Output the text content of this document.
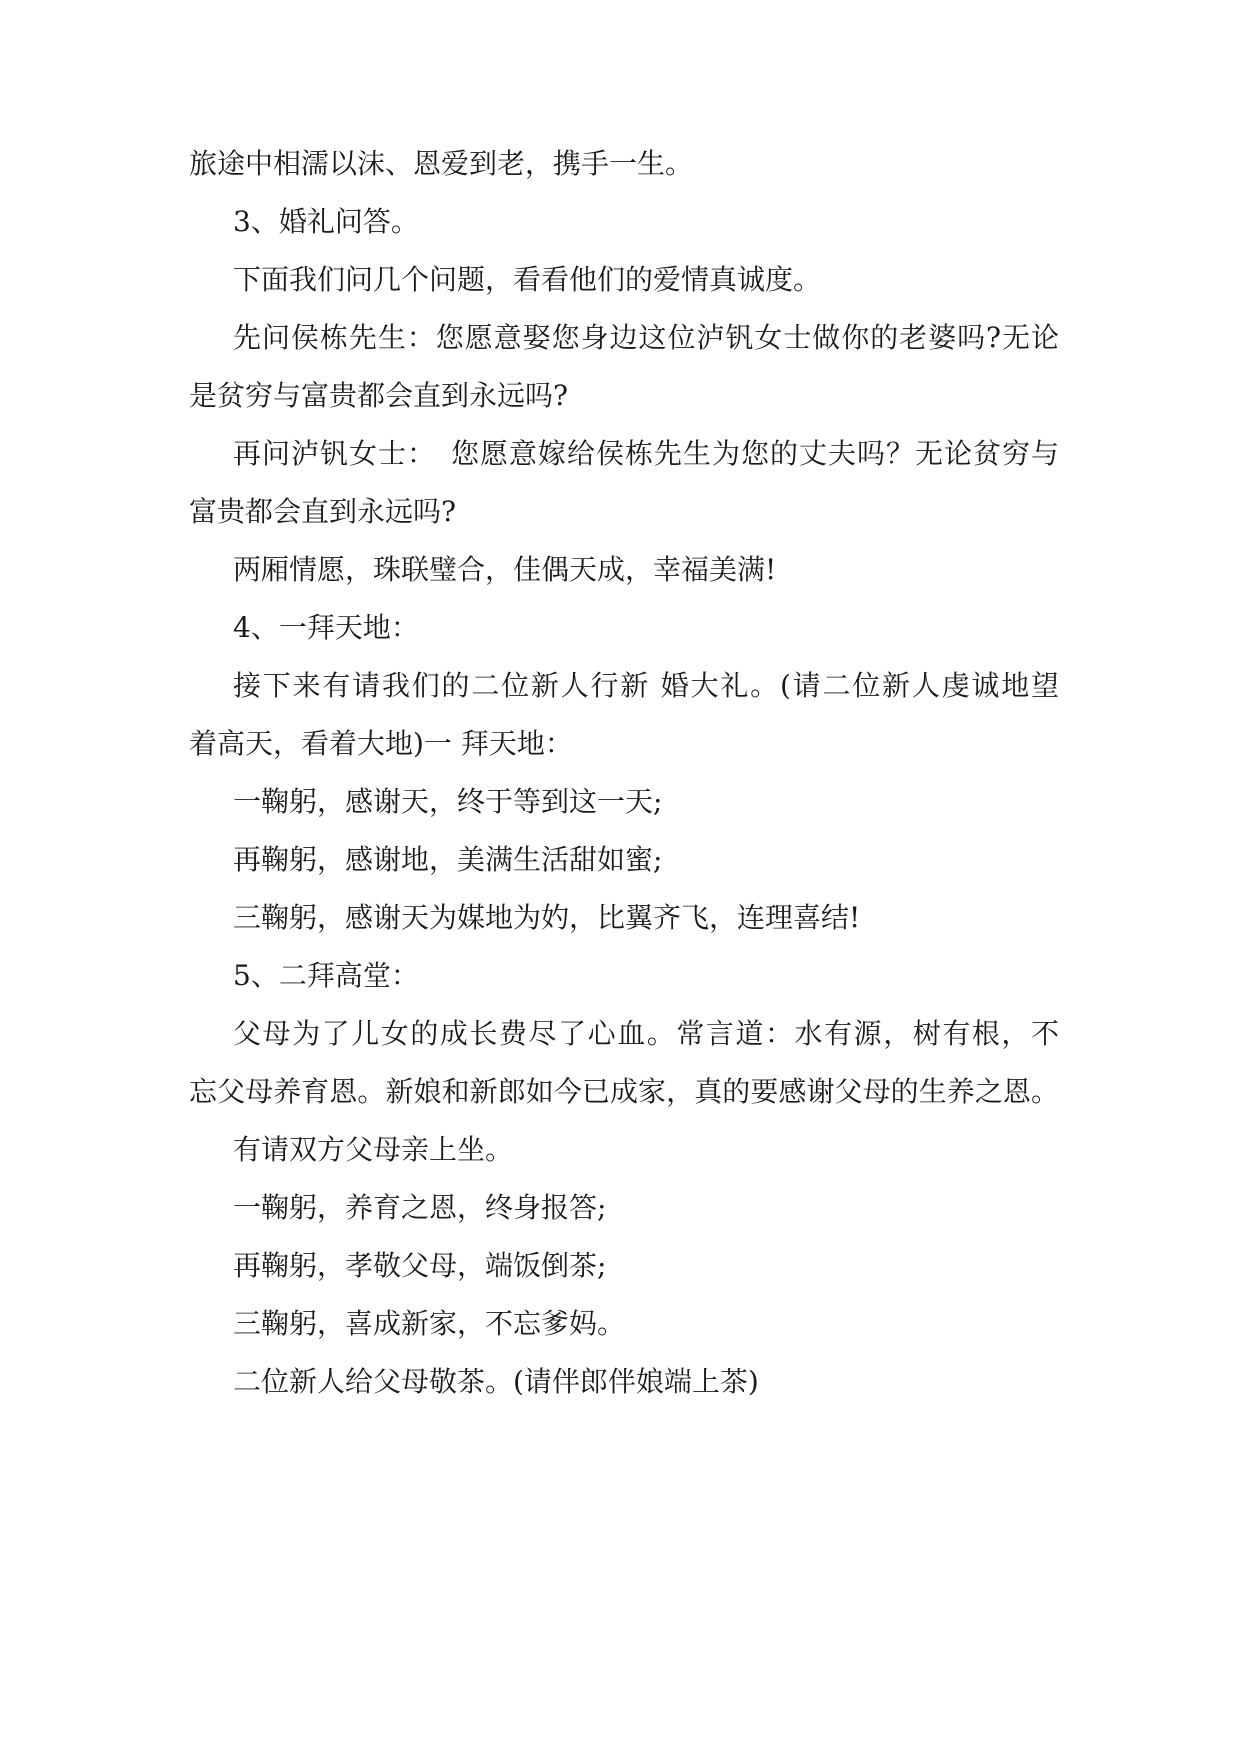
旅途中相濡以沫、恩爱到老，携手一生。

3、婚礼问答。

下面我们问几个问题，看看他们的爱情真诚度。

先问侯栋先生：您愿意娶您身边这位泸钒女士做你的老婆吗?无论

是贫穷与富贵都会直到永远吗?

再问泸钒女士：　您愿意嫁给侯栋先生为您的丈夫吗？无论贫穷与

富贵都会直到永远吗?

两厢情愿，珠联璧合，佳偶天成，幸福美满!

4、一拜天地：

接下来有请我们的二位新人行新 婚大礼。(请二位新人虔诚地望

着高天，看着大地)一 拜天地：

一鞠躬，感谢天，终于等到这一天;

再鞠躬，感谢地，美满生活甜如蜜;

三鞠躬，感谢天为媒地为妁，比翼齐飞，连理喜结!

5、二拜高堂：

父母为了儿女的成长费尽了心血。常言道：水有源，树有根，不

忘父母养育恩。新娘和新郎如今已成家，真的要感谢父母的生养之恩。

有请双方父母亲上坐。

一鞠躬，养育之恩，终身报答;

再鞠躬，孝敬父母，端饭倒茶;

三鞠躬，喜成新家，不忘爹妈。

二位新人给父母敬茶。(请伴郎伴娘端上茶)
